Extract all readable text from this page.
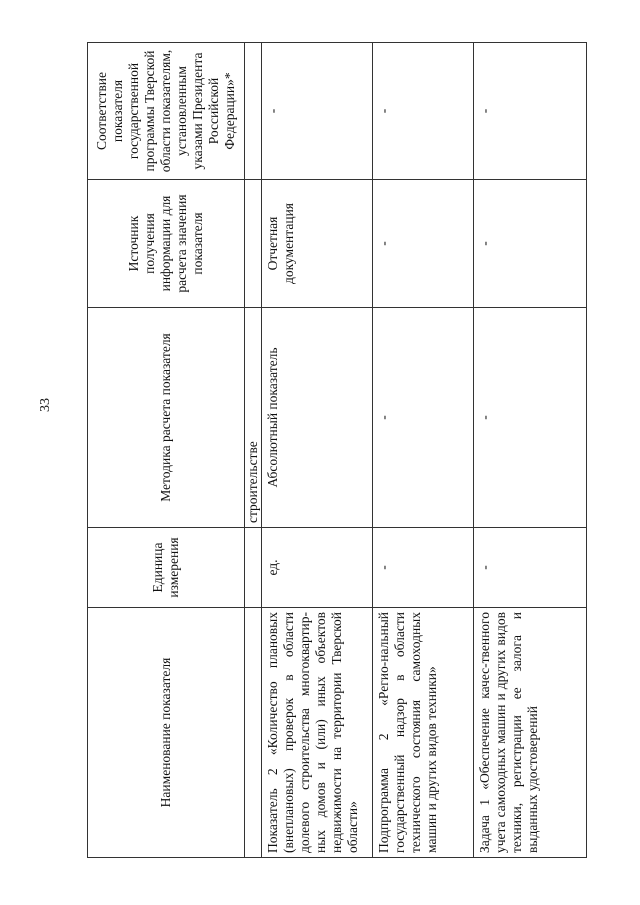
33
Наименование показателя	Единица измерения	Методика расчета показателя	Источник получения информации для расчета значения показателя	Соответствие показателя государственной программы Тверской области показателям, установленным указами Президента Российской Федерации»*
		строительстве		
Показатель 2 «Количество плановых (внеплановых) проверок в области долевого строительства многоквартир-ных домов и (или) иных объектов недвижимости на территории Тверской области»	ед.	Абсолютный показатель	Отчетная документация	-
Подпрограмма 2 «Регио-нальный государственный надзор в области технического состояния самоходных машин и других видов техники»	-	-	-	-
Задача 1 «Обеспечение качес-твенного учета самоходных машин и других видов техники, регистрации ее залога и выданных удостоверений	-	-	-	-
